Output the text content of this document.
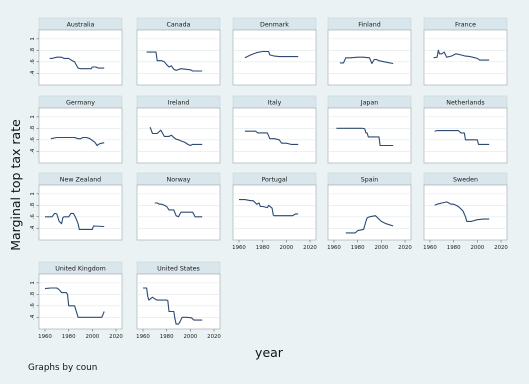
Australia
.4
.6
.8
1
Canada	Denmark	Finland	France
Germany
.4
.6
.8
1
Ireland	Italy	Japan	Netherlands
New Zealand
.4
.6
.8
1
Norway	Portugal
1960 1980 2000 2020
Spain
1960 1980 2000 2020
Sweden
1960 1980 2000 2020
United Kingdom
.4
.6
.8
1
1960 1980 2000 2020
United States
1960 1980 2000 2020
Marginal top tax rate
year
Graphs by coun
